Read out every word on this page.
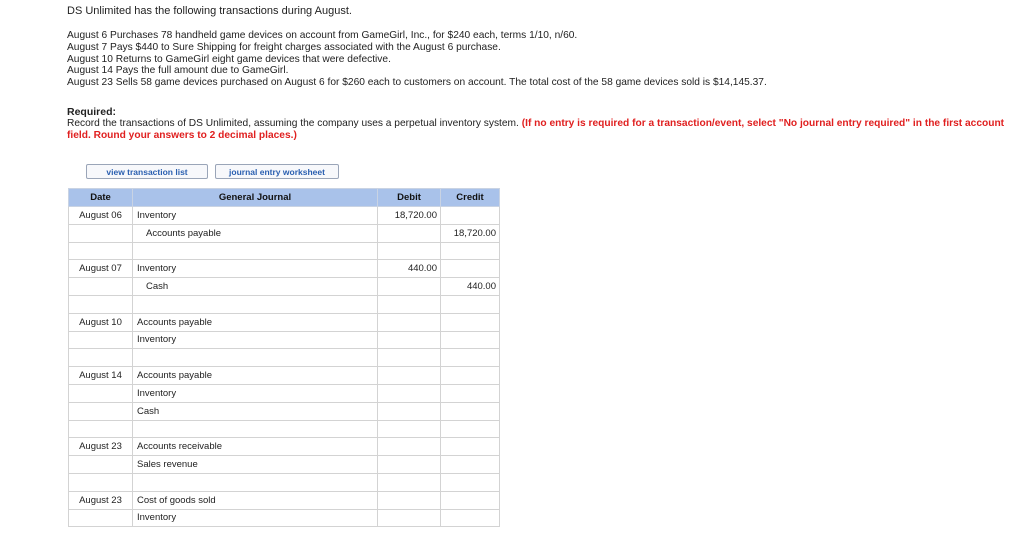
DS Unlimited has the following transactions during August.
August 6 Purchases 78 handheld game devices on account from GameGirl, Inc., for $240 each, terms 1/10, n/60.
August 7 Pays $440 to Sure Shipping for freight charges associated with the August 6 purchase.
August 10 Returns to GameGirl eight game devices that were defective.
August 14 Pays the full amount due to GameGirl.
August 23 Sells 58 game devices purchased on August 6 for $260 each to customers on account. The total cost of the 58 game devices sold is $14,145.37.
Required:
Record the transactions of DS Unlimited, assuming the company uses a perpetual inventory system. (If no entry is required for a transaction/event, select "No journal entry required" in the first account field. Round your answers to 2 decimal places.)
view transaction list	journal entry worksheet
Date	General Journal	Debit	Credit
August 06	Inventory	18,720.00	
	Accounts payable		18,720.00

August 07	Inventory	440.00	
	Cash		440.00

August 10	Accounts payable		
	Inventory		

August 14	Accounts payable		
	Inventory		
	Cash		

August 23	Accounts receivable		
	Sales revenue		

August 23	Cost of goods sold		
	Inventory		
